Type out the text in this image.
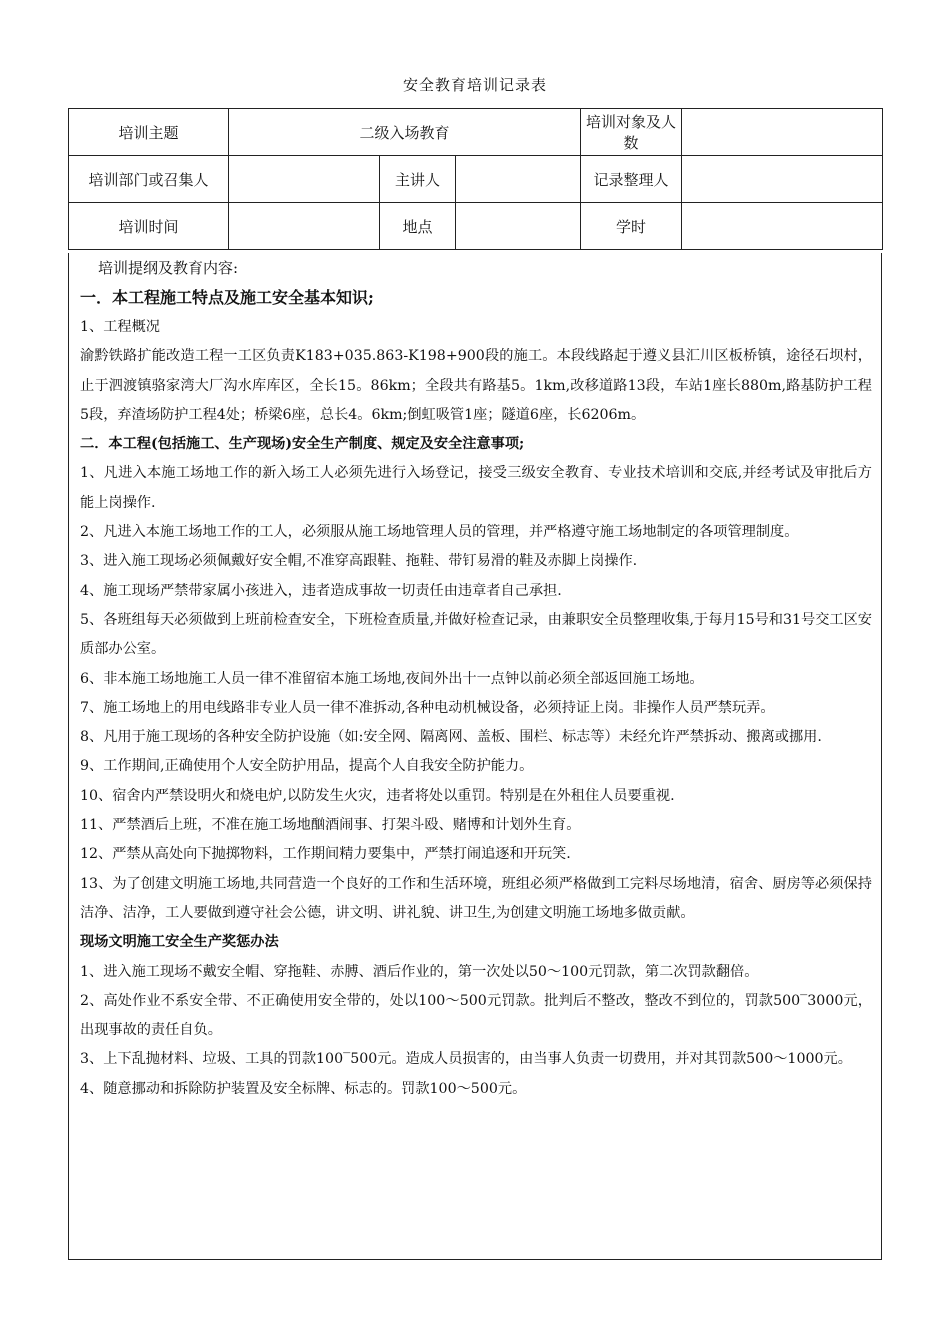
安全教育培训记录表
培训主题	二级入场教育			培训对象及人数	
培训部门或召集人		主讲人		记录整理人	
培训时间		地点		学时	

培训提纲及教育内容:

一．本工程施工特点及施工安全基本知识;

1、工程概况

渝黔铁路扩能改造工程一工区负责K183+035.863-K198+900段的施工。本段线路起于遵义县汇川区板桥镇，途径石坝村，止于泗渡镇骆家湾大厂沟水库库区，全长15。86km；全段共有路基5。1km,改移道路13段，车站1座长880m,路基防护工程5段，弃渣场防护工程4处；桥梁6座，总长4。6km;倒虹吸管1座；隧道6座，长6206m。

二．本工程(包括施工、生产现场)安全生产制度、规定及安全注意事项;

1、凡进入本施工场地工作的新入场工人必须先进行入场登记，接受三级安全教育、专业技术培训和交底,并经考试及审批后方能上岗操作.

2、凡进入本施工场地工作的工人，必须服从施工场地管理人员的管理，并严格遵守施工场地制定的各项管理制度。

3、进入施工现场必须佩戴好安全帽,不准穿高跟鞋、拖鞋、带钉易滑的鞋及赤脚上岗操作.

4、施工现场严禁带家属小孩进入，违者造成事故一切责任由违章者自己承担.

5、各班组每天必须做到上班前检查安全，下班检查质量,并做好检查记录，由兼职安全员整理收集,于每月15号和31号交工区安质部办公室。

6、非本施工场地施工人员一律不准留宿本施工场地,夜间外出十一点钟以前必须全部返回施工场地。

7、施工场地上的用电线路非专业人员一律不准拆动,各种电动机械设备，必须持证上岗。非操作人员严禁玩弄。

8、凡用于施工现场的各种安全防护设施（如:安全网、隔离网、盖板、围栏、标志等）未经允许严禁拆动、搬离或挪用.

9、工作期间,正确使用个人安全防护用品，提高个人自我安全防护能力。

10、宿舍内严禁设明火和烧电炉,以防发生火灾，违者将处以重罚。特别是在外租住人员要重视.

11、严禁酒后上班，不准在施工场地酗酒闹事、打架斗殴、赌博和计划外生育。

12、严禁从高处向下抛掷物料，工作期间精力要集中，严禁打闹追逐和开玩笑.

13、为了创建文明施工场地,共同营造一个良好的工作和生活环境，班组必须严格做到工完料尽场地清，宿舍、厨房等必须保持洁净、洁净，工人要做到遵守社会公德，讲文明、讲礼貌、讲卫生,为创建文明施工场地多做贡献。

现场文明施工安全生产奖惩办法

1、进入施工现场不戴安全帽、穿拖鞋、赤膊、酒后作业的，第一次处以50～100元罚款，第二次罚款翻倍。

2、高处作业不系安全带、不正确使用安全带的，处以100～500元罚款。批判后不整改，整改不到位的，罚款500‾3000元，出现事故的责任自负。

3、上下乱抛材料、垃圾、工具的罚款100‾500元。造成人员损害的，由当事人负责一切费用，并对其罚款500～1000元。

4、随意挪动和拆除防护装置及安全标牌、标志的。罚款100～500元。
